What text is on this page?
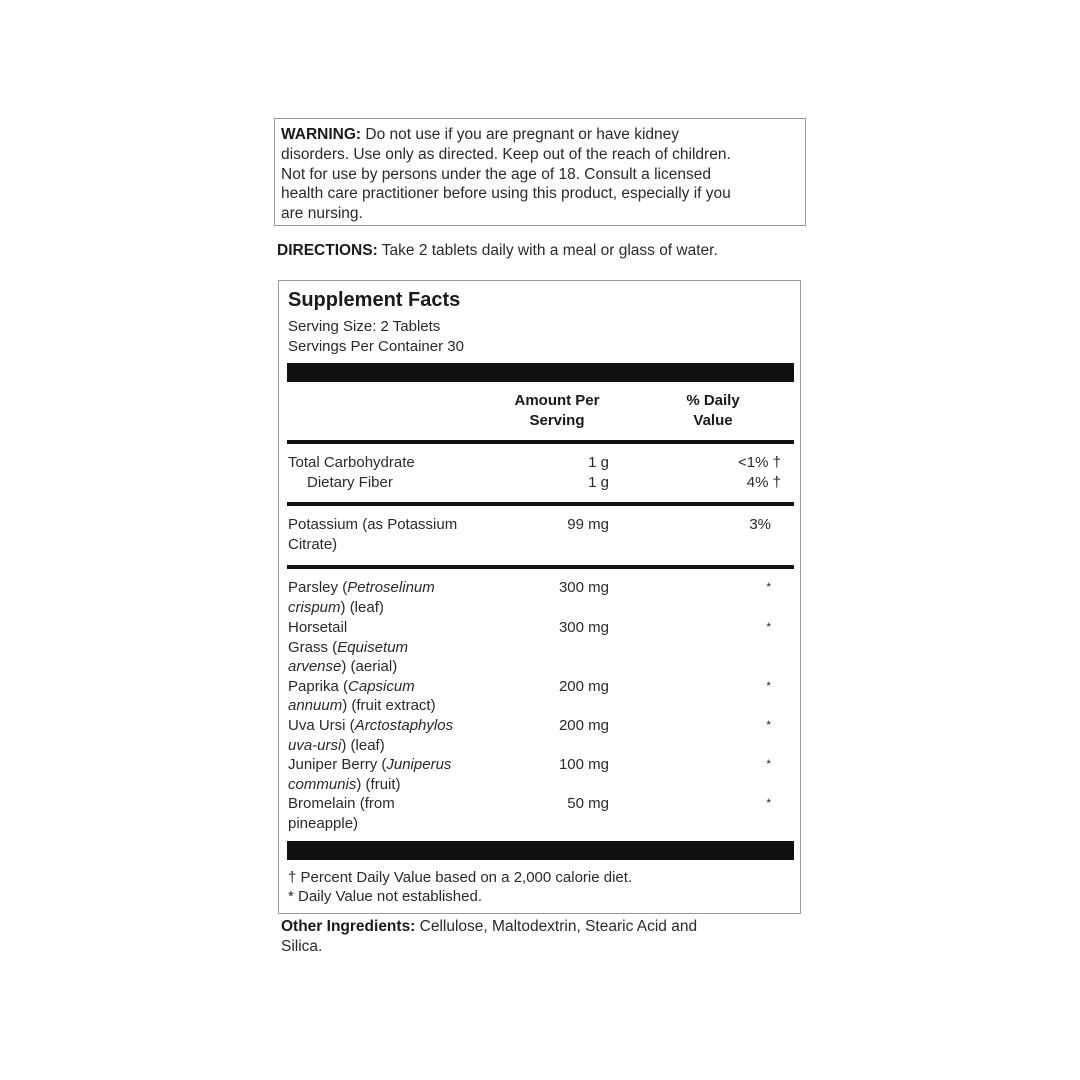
WARNING: Do not use if you are pregnant or have kidney
disorders. Use only as directed. Keep out of the reach of children.
Not for use by persons under the age of 18. Consult a licensed
health care practitioner before using this product, especially if you
are nursing.
DIRECTIONS: Take 2 tablets daily with a meal or glass of water.
Supplement Facts
Serving Size: 2 Tablets
Servings Per Container 30
Amount Per
Serving
% Daily
Value
Total Carbohydrate	1 g	<1% †
Dietary Fiber	1 g	4% †
Potassium (as Potassium
Citrate)
99 mg	3%
Parsley (Petroselinum
crispum) (leaf)
300 mg	*
Horsetail
Grass (Equisetum
arvense) (aerial)
300 mg	*
Paprika (Capsicum
annuum) (fruit extract)
200 mg	*
Uva Ursi (Arctostaphylos
uva-ursi) (leaf)
200 mg	*
Juniper Berry (Juniperus
communis) (fruit)
100 mg	*
Bromelain (from
pineapple)
50 mg	*
† Percent Daily Value based on a 2,000 calorie diet.
* Daily Value not established.
Other Ingredients: Cellulose, Maltodextrin, Stearic Acid and
Silica.
